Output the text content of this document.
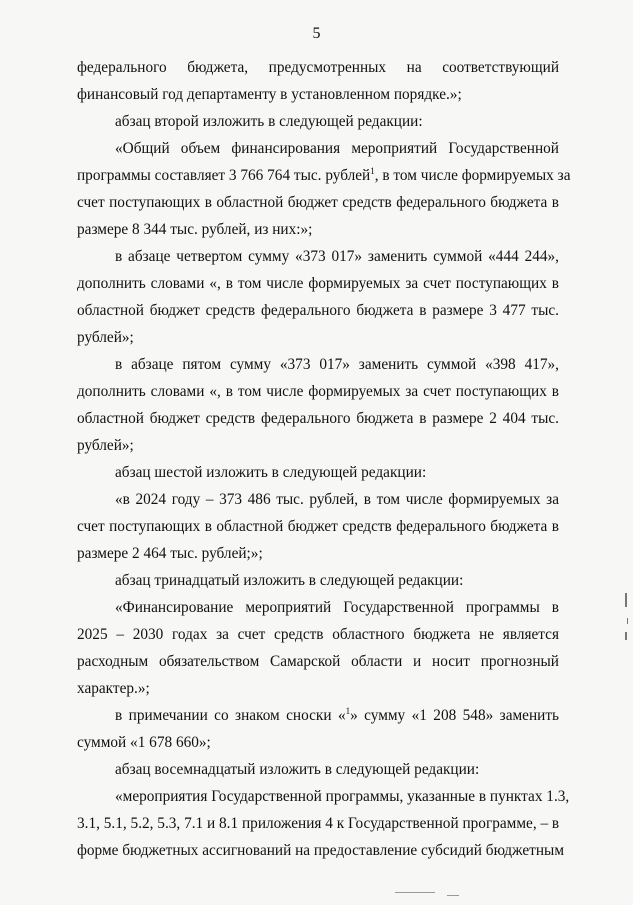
5
федерального бюджета, предусмотренных на соответствующий
финансовый год департаменту в установленном порядке.»;
абзац второй изложить в следующей редакции:
«Общий объем финансирования мероприятий Государственной
программы составляет 3 766 764 тыс. рублей$^1$, в том числе формируемых за
счет поступающих в областной бюджет средств федерального бюджета в
размере 8 344 тыс. рублей, из них:»;
в абзаце четвертом сумму «373 017» заменить суммой «444 244»,
дополнить словами «, в том числе формируемых за счет поступающих в
областной бюджет средств федерального бюджета в размере 3 477 тыс.
рублей»;
в абзаце пятом сумму «373 017» заменить суммой «398 417»,
дополнить словами «, в том числе формируемых за счет поступающих в
областной бюджет средств федерального бюджета в размере 2 404 тыс.
рублей»;
абзац шестой изложить в следующей редакции:
«в 2024 году – 373 486 тыс. рублей, в том числе формируемых за
счет поступающих в областной бюджет средств федерального бюджета в
размере 2 464 тыс. рублей;»;
абзац тринадцатый изложить в следующей редакции:
«Финансирование мероприятий Государственной программы в
2025 – 2030 годах за счет средств областного бюджета не является
расходным обязательством Самарской области и носит прогнозный
характер.»;
в примечании со знаком сноски «$^1$» сумму «1 208 548» заменить
суммой «1 678 660»;
абзац восемнадцатый изложить в следующей редакции:
«мероприятия Государственной программы, указанные в пунктах 1.3,
3.1, 5.1, 5.2, 5.3, 7.1 и 8.1 приложения 4 к Государственной программе, – в
форме бюджетных ассигнований на предоставление субсидий бюджетным
